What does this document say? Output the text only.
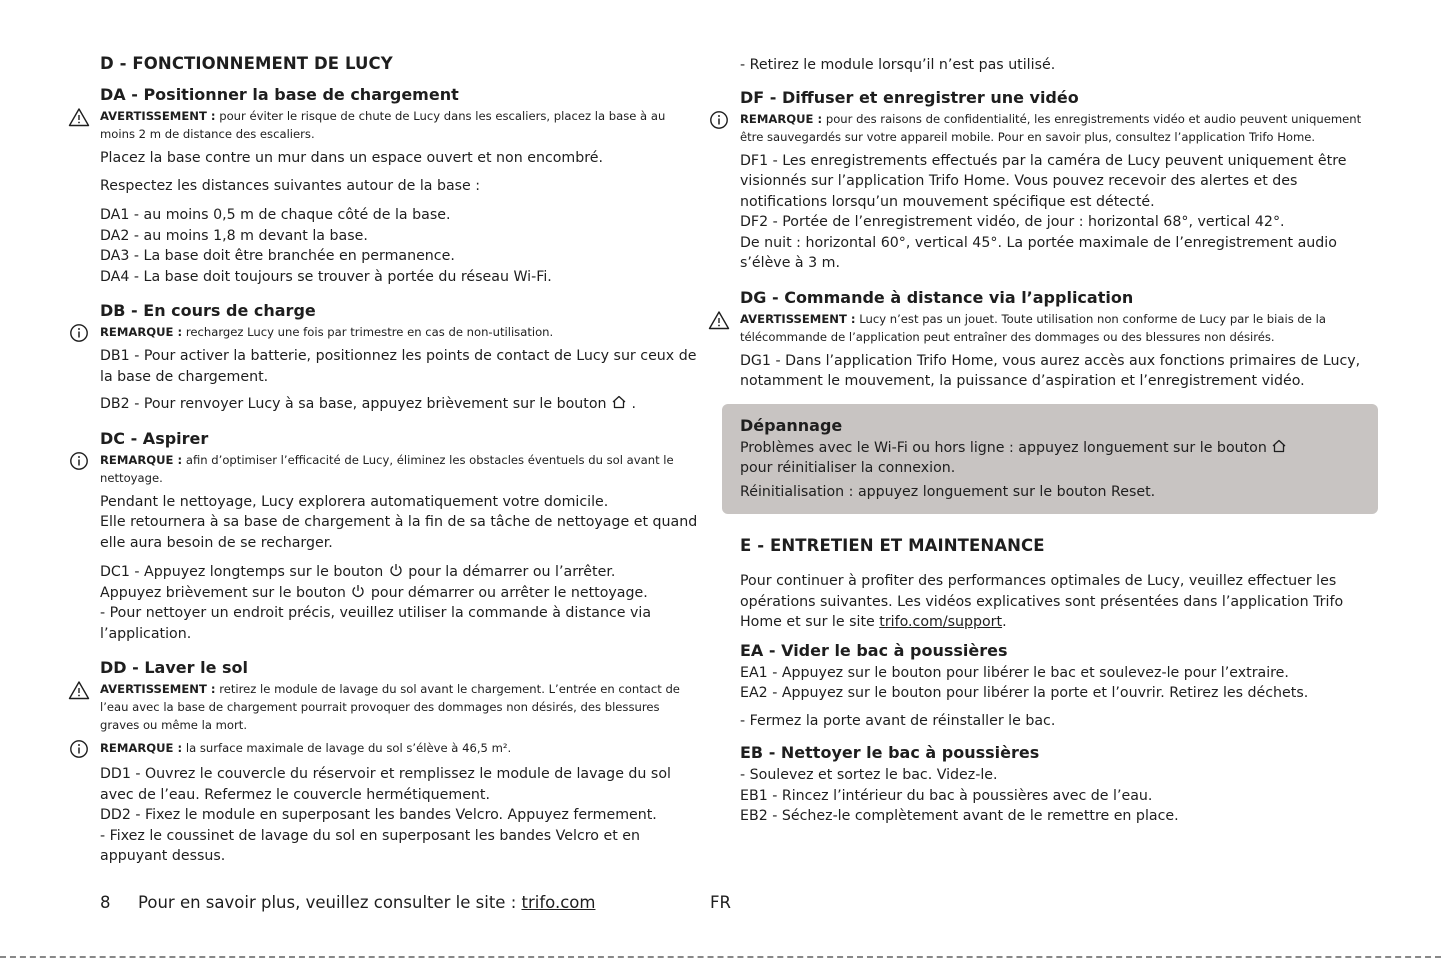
D - FONCTIONNEMENT DE LUCY
DA - Positionner la base de chargement
AVERTISSEMENT : pour éviter le risque de chute de Lucy dans les escaliers, placez la base à au moins 2 m de distance des escaliers.

Placez la base contre un mur dans un espace ouvert et non encombré.

Respectez les distances suivantes autour de la base :

DA1 - au moins 0,5 m de chaque côté de la base.

DA2 - au moins 1,8 m devant la base.

DA3 - La base doit être branchée en permanence.

DA4 - La base doit toujours se trouver à portée du réseau Wi-Fi.

DB - En cours de charge
REMARQUE : rechargez Lucy une fois par trimestre en cas de non-utilisation.

DB1 - Pour activer la batterie, positionnez les points de contact de Lucy sur ceux de la base de chargement.

DB2 - Pour renvoyer Lucy à sa base, appuyez brièvement sur le bouton  .

DC - Aspirer
REMARQUE : afin d’optimiser l’efficacité de Lucy, éliminez les obstacles éventuels du sol avant le nettoyage.

Pendant le nettoyage, Lucy explorera automatiquement votre domicile.

Elle retournera à sa base de chargement à la fin de sa tâche de nettoyage et quand elle aura besoin de se recharger.

DC1 - Appuyez longtemps sur le bouton  pour la démarrer ou l’arrêter.

Appuyez brièvement sur le bouton  pour démarrer ou arrêter le nettoyage.

- Pour nettoyer un endroit précis, veuillez utiliser la commande à distance via l’application.

DD - Laver le sol
AVERTISSEMENT : retirez le module de lavage du sol avant le chargement. L’entrée en contact de l’eau avec la base de chargement pourrait provoquer des dommages non désirés, des blessures graves ou même la mort.
REMARQUE : la surface maximale de lavage du sol s’élève à 46,5 m².

DD1 - Ouvrez le couvercle du réservoir et remplissez le module de lavage du sol avec de l’eau. Refermez le couvercle hermétiquement.

DD2 - Fixez le module en superposant les bandes Velcro. Appuyez fermement.

- Fixez le coussinet de lavage du sol en superposant les bandes Velcro et en appuyant dessus.

- Retirez le module lorsqu’il n’est pas utilisé.

DF - Diffuser et enregistrer une vidéo
REMARQUE : pour des raisons de confidentialité, les enregistrements vidéo et audio peuvent uniquement être sauvegardés sur votre appareil mobile. Pour en savoir plus, consultez l’application Trifo Home.

DF1 - Les enregistrements effectués par la caméra de Lucy peuvent uniquement être visionnés sur l’application Trifo Home. Vous pouvez recevoir des alertes et des notifications lorsqu’un mouvement spécifique est détecté.

DF2 - Portée de l’enregistrement vidéo, de jour : horizontal 68°, vertical 42°.

De nuit : horizontal 60°, vertical 45°. La portée maximale de l’enregistrement audio s’élève à 3 m.

DG - Commande à distance via l’application
AVERTISSEMENT : Lucy n’est pas un jouet. Toute utilisation non conforme de Lucy par le biais de la télécommande de l’application peut entraîner des dommages ou des blessures non désirés.

DG1 - Dans l’application Trifo Home, vous aurez accès aux fonctions primaires de Lucy, notamment le mouvement, la puissance d’aspiration et l’enregistrement vidéo.

Dépannage

Problèmes avec le Wi-Fi ou hors ligne : appuyez longuement sur le bouton

pour réinitialiser la connexion.

Réinitialisation : appuyez longuement sur le bouton Reset.

E - ENTRETIEN ET MAINTENANCE

Pour continuer à profiter des performances optimales de Lucy, veuillez effectuer les opérations suivantes. Les vidéos explicatives sont présentées dans l’application Trifo Home et sur le site trifo.com/support.

EA - Vider le bac à poussières

EA1 - Appuyez sur le bouton pour libérer le bac et soulevez-le pour l’extraire.

EA2 - Appuyez sur le bouton pour libérer la porte et l’ouvrir. Retirez les déchets.

- Fermez la porte avant de réinstaller le bac.

EB - Nettoyer le bac à poussières

- Soulevez et sortez le bac. Videz-le.

EB1 - Rincez l’intérieur du bac à poussières avec de l’eau.

EB2 - Séchez-le complètement avant de le remettre en place.

8 Pour en savoir plus, veuillez consulter le site : trifo.com	FR
